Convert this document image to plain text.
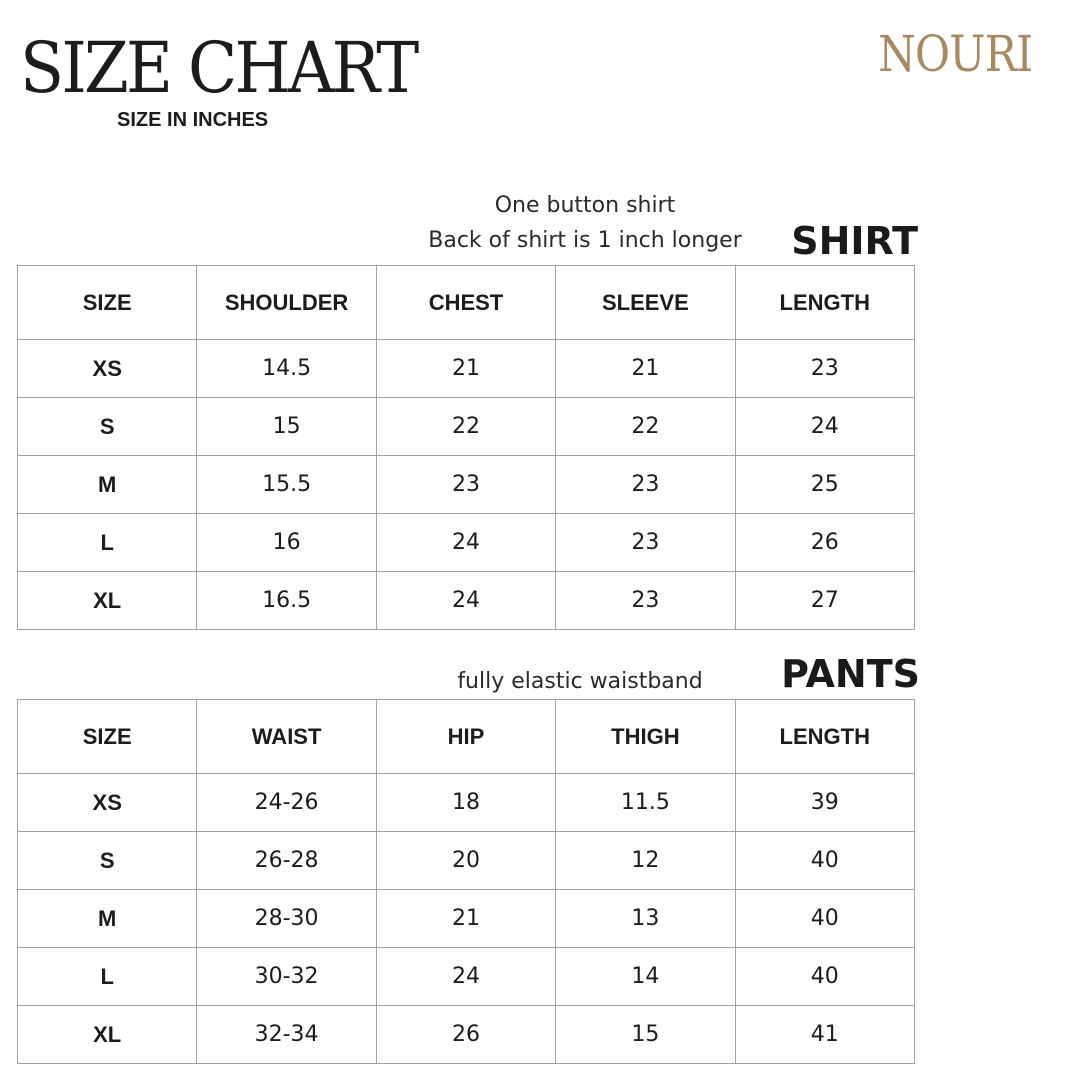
SIZE CHART
SIZE IN INCHES
NOURI
One button shirt
Back of shirt is 1 inch longer SHIRT
SIZE	SHOULDER	CHEST	SLEEVE	LENGTH
XS	14.5	21	21	23
S	15	22	22	24
M	15.5	23	23	25
L	16	24	23	26
XL	16.5	24	23	27
fully elastic waistband	PANTS
SIZE	WAIST	HIP	THIGH	LENGTH
XS	24-26	18	11.5	39
S	26-28	20	12	40
M	28-30	21	13	40
L	30-32	24	14	40
XL	32-34	26	15	41
